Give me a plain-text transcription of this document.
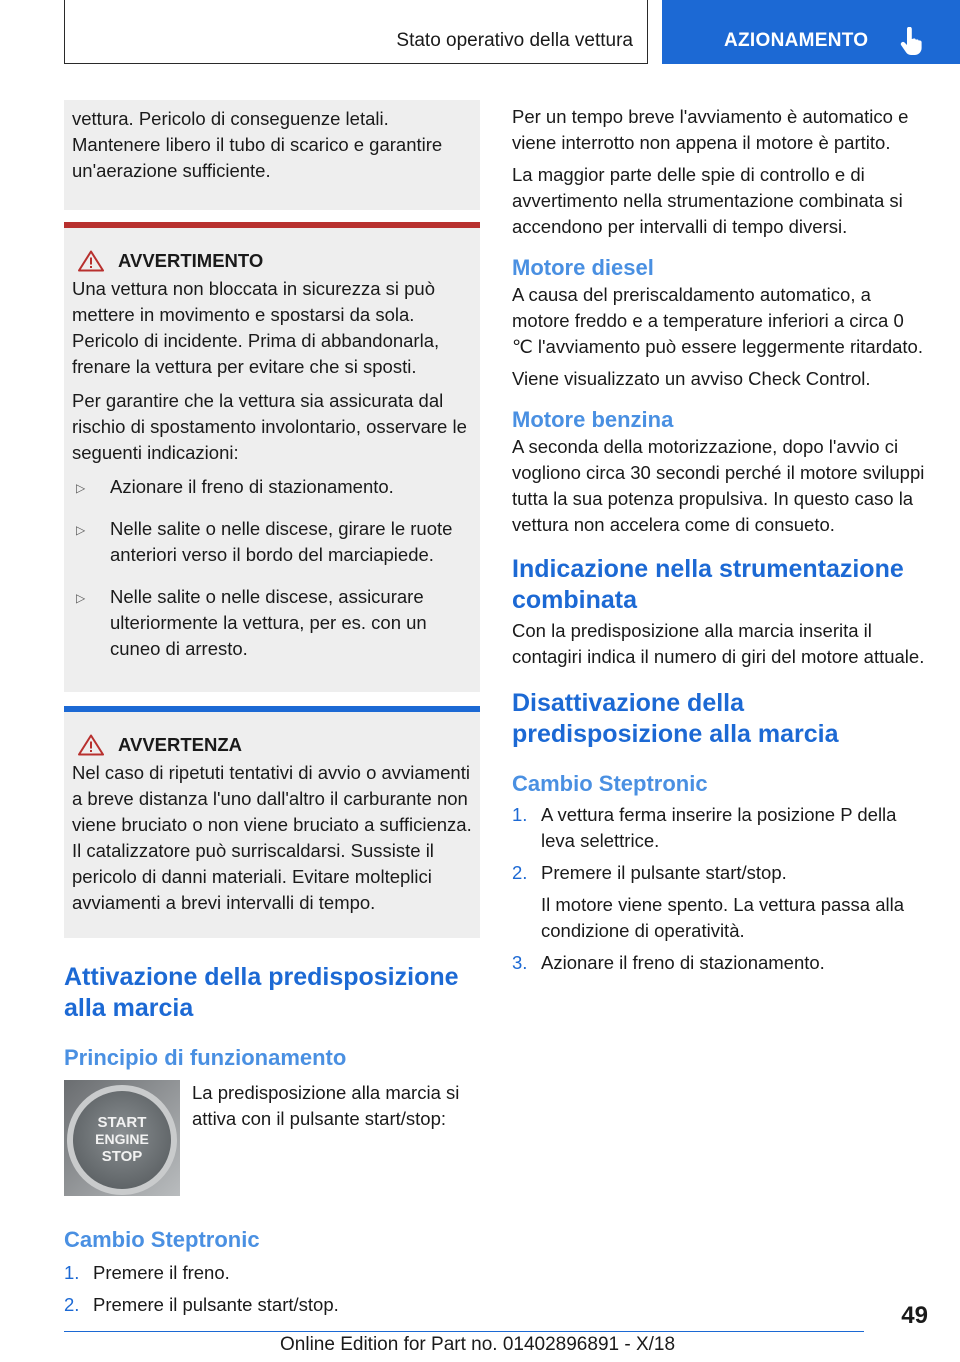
Stato operativo della vettura	AZIONAMENTO

vettura. Pericolo di conseguenze letali. Mantenere libero il tubo di scarico e garantire un'aerazione sufficiente.

AVVERTIMENTO

Una vettura non bloccata in sicurezza si può mettere in movimento e spostarsi da sola. Pericolo di incidente. Prima di abbandonarla, frenare la vettura per evitare che si sposti.

Per garantire che la vettura sia assicurata dal rischio di spostamento involontario, osservare le seguenti indicazioni:

▷	Azionare il freno di stazionamento.

▷	Nelle salite o nelle discese, girare le ruote anteriori verso il bordo del marciapiede.

▷	Nelle salite o nelle discese, assicurare ulteriormente la vettura, per es. con un cuneo di arresto.

AVVERTENZA

Nel caso di ripetuti tentativi di avvio o avviamenti a breve distanza l'uno dall'altro il carburante non viene bruciato o non viene bruciato a sufficienza. Il catalizzatore può surriscaldarsi. Sussiste il pericolo di danni materiali. Evitare molteplici avviamenti a brevi intervalli di tempo.

Attivazione della predisposizione alla marcia
Principio di funzionamento
START
ENGINE
STOP

La predisposizione alla marcia si attiva con il pulsante start/stop:

Cambio Steptronic
1. Premere il freno.

2. Premere il pulsante start/stop.

Per un tempo breve l'avviamento è automatico e viene interrotto non appena il motore è partito.

La maggior parte delle spie di controllo e di avvertimento nella strumentazione combinata si accendono per intervalli di tempo diversi.

Motore diesel

A causa del preriscaldamento automatico, a motore freddo e a temperature inferiori a circa 0 ℃ l'avviamento può essere leggermente ritardato.

Viene visualizzato un avviso Check Control.

Motore benzina

A seconda della motorizzazione, dopo l'avvio ci vogliono circa 30 secondi perché il motore sviluppi tutta la sua potenza propulsiva. In questo caso la vettura non accelera come di consueto.

Indicazione nella strumentazione combinata

Con la predisposizione alla marcia inserita il contagiri indica il numero di giri del motore attuale.

Disattivazione della predisposizione alla marcia
Cambio Steptronic
1. A vettura ferma inserire la posizione P della leva selettrice.

2. Premere il pulsante start/stop.

Il motore viene spento. La vettura passa alla condizione di operatività.

3. Azionare il freno di stazionamento.

49
Online Edition for Part no. 01402896891 - X/18
